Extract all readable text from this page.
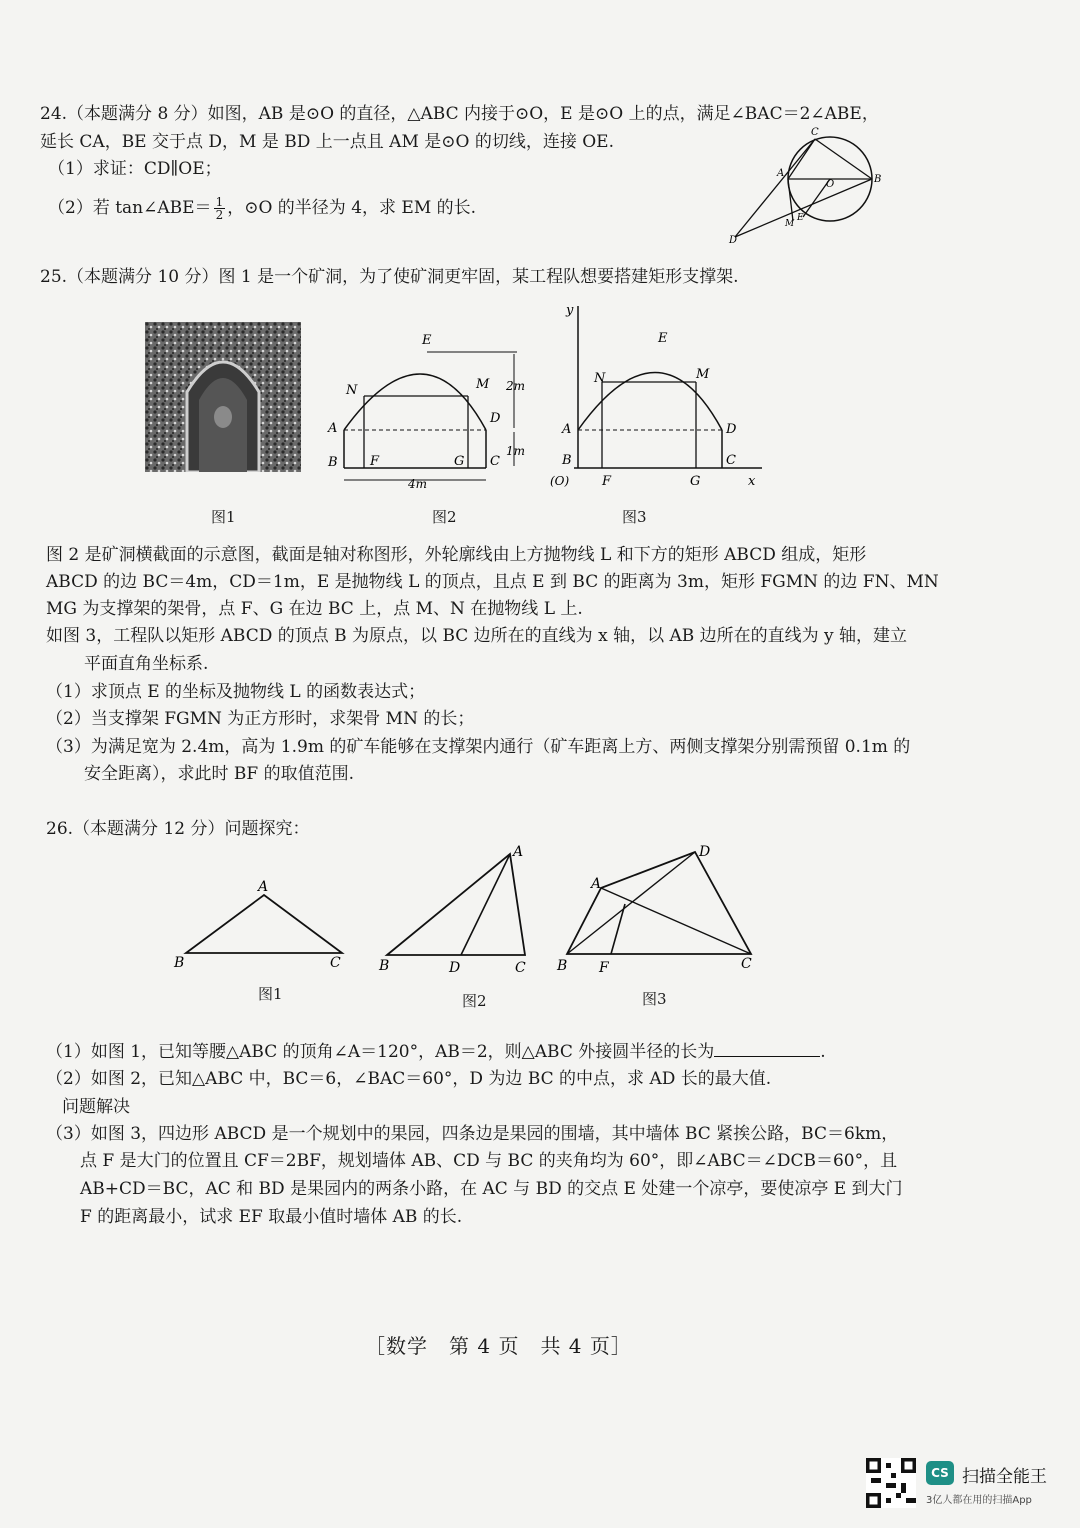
24.（本题满分 8 分）如图，AB 是⊙O 的直径，△ABC 内接于⊙O，E 是⊙O 上的点，满足∠BAC＝2∠ABE，
延长 CA，BE 交于点 D，M 是 BD 上一点且 AM 是⊙O 的切线，连接 OE.
（1）求证：CD∥OE；
（2）若 tan∠ABE＝ $\frac{1}{2}$ ，⊙O 的半径为 4，求 EM 的长.
C
A
O	B
E
M
D
25.（本题满分 10 分）图 1 是一个矿洞，为了使矿洞更牢固，某工程队想要搭建矩形支撑架.
图1
E
N	M 2m
D
A
B F	G C
1m
4m
图2
y
E
N	M
A	D
B	C
(O)	F	G	x
图3
图 2 是矿洞横截面的示意图，截面是轴对称图形，外轮廓线由上方抛物线 L 和下方的矩形 ABCD 组成，矩形
ABCD 的边 BC＝4m，CD＝1m，E 是抛物线 L 的顶点，且点 E 到 BC 的距离为 3m，矩形 FGMN 的边 FN、MN
MG 为支撑架的架骨，点 F、G 在边 BC 上，点 M、N 在抛物线 L 上.
如图 3，工程队以矩形 ABCD 的顶点 B 为原点，以 BC 边所在的直线为 x 轴，以 AB 边所在的直线为 y 轴，建立
平面直角坐标系.
（1）求顶点 E 的坐标及抛物线 L 的函数表达式；
（2）当支撑架 FGMN 为正方形时，求架骨 MN 的长；
（3）为满足宽为 2.4m，高为 1.9m 的矿车能够在支撑架内通行（矿车距离上方、两侧支撑架分别需预留 0.1m 的
安全距离），求此时 BF 的取值范围.
26.（本题满分 12 分）问题探究：
A
B	C
图1
A
B	D	C
图2
D
A
B F	C
图3
（1）如图 1，已知等腰△ABC 的顶角∠A＝120°，AB＝2，则△ABC 外接圆半径的长为	.
（2）如图 2，已知△ABC 中，BC＝6，∠BAC＝60°，D 为边 BC 的中点，求 AD 长的最大值.
问题解决
（3）如图 3，四边形 ABCD 是一个规划中的果园，四条边是果园的围墙，其中墙体 BC 紧挨公路，BC＝6km，
点 F 是大门的位置且 CF＝2BF，规划墙体 AB、CD 与 BC 的夹角均为 60°，即∠ABC＝∠DCB＝60°，且
AB+CD＝BC，AC 和 BD 是果园内的两条小路，在 AC 与 BD 的交点 E 处建一个凉亭，要使凉亭 E 到大门
F 的距离最小，试求 EF 取最小值时墙体 AB 的长.
［数学　第 4 页　共 4 页］
CS 扫描全能王
3亿人都在用的扫描App
